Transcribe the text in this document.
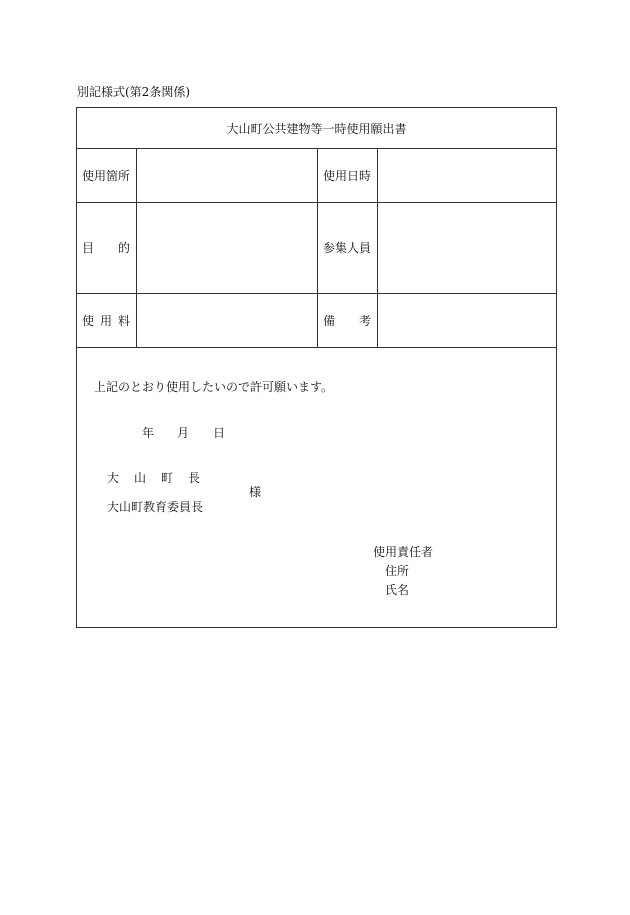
別記様式(第2条関係)
大山町公共建物等一時使用願出書
使用箇所	使用日時
目 的	参集人員
使 用 料	備 考
上記のとおり使用したいので許可願います。
年 月 日
大 山 町 長
大山町教育委員長
様
使用責任者
住所
氏名
